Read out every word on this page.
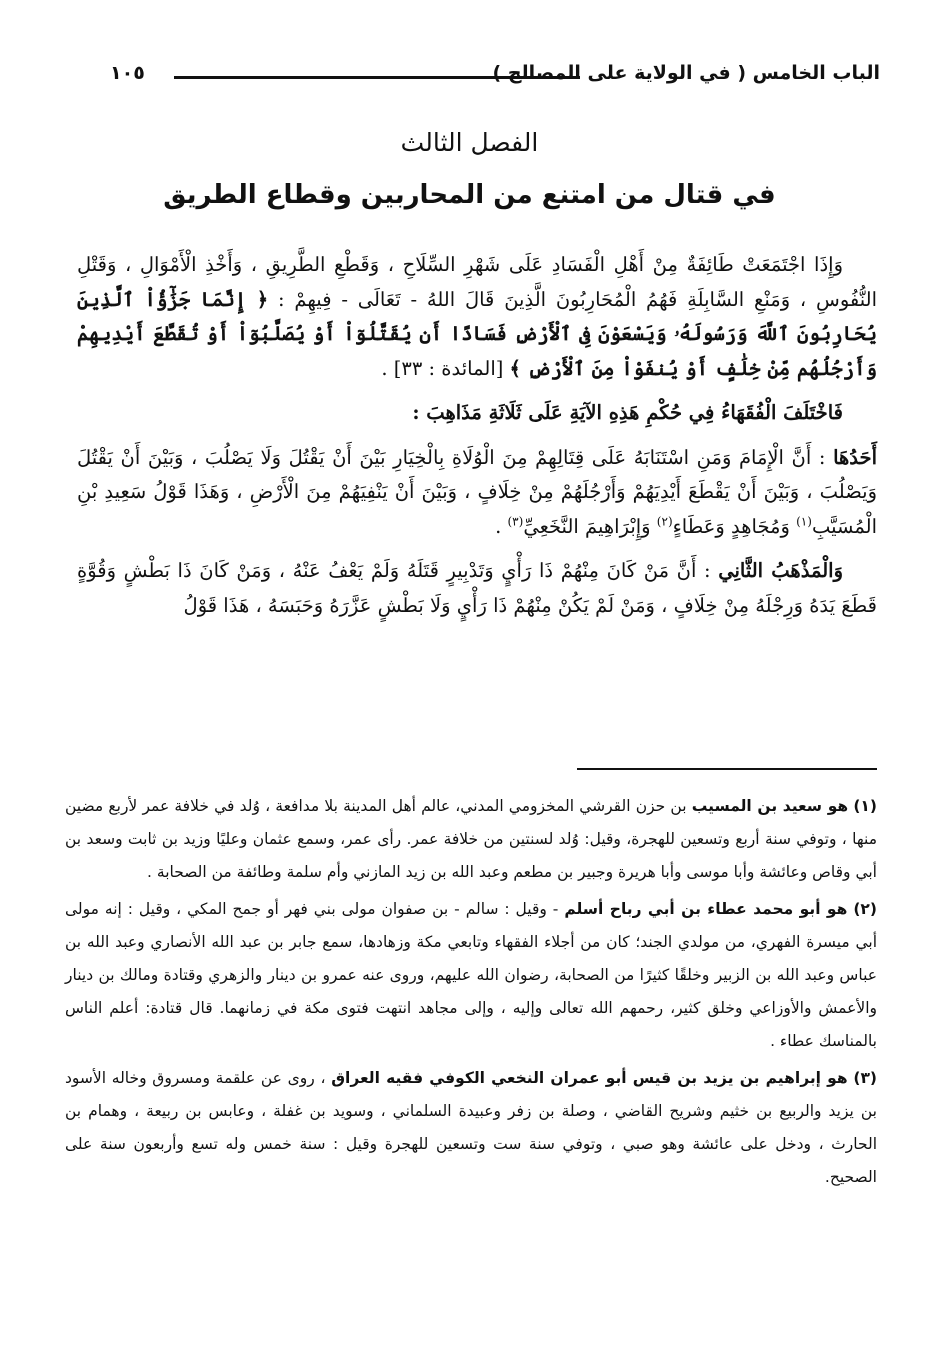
الباب الخامس ( في الولاية على المصالح )
١٠٥
الفصل الثالث
في قتال من امتنع من المحاربين وقطاع الطريق

وَإِذَا اجْتَمَعَتْ طَائِفَةٌ مِنْ أَهْلِ الْفَسَادِ عَلَى شَهْرِ السِّلَاحِ ، وَقَطْعِ الطَّرِيقِ ، وَأَخْذِ الْأَمْوَالِ ، وَقَتْلِ النُّفُوسِ ، وَمَنْعِ السَّابِلَةِ فَهُمُ الْمُحَارِبُونَ الَّذِينَ قَالَ اللهُ - تَعَالَى - فِيهِمْ : ﴿ إِنَّمَا جَزَٰٓؤُاْ ٱلَّذِينَ يُحَارِبُونَ ٱللَّهَ وَرَسُولَهُۥ وَيَسْعَوْنَ فِى ٱلْأَرْضِ فَسَادًا أَن يُقَتَّلُوٓاْ أَوْ يُصَلَّبُوٓاْ أَوْ تُقَطَّعَ أَيْدِيهِمْ وَأَرْجُلُهُم مِّنْ خِلَٰفٍ أَوْ يُنفَوْاْ مِنَ ٱلْأَرْضِ ﴾ [المائدة : ٣٣] .

فَاخْتَلَفَ الْفُقَهَاءُ فِي حُكْمِ هَذِهِ الآيَةِ عَلَى ثَلَاثَةِ مَذَاهِبَ :

أَحَدُهَا : أَنَّ الْإِمَامَ وَمَنِ اسْتَنَابَهُ عَلَى قِتَالِهِمْ مِنَ الْوُلَاةِ بِالْخِيَارِ بَيْنَ أَنْ يَقْتُلَ وَلَا يَصْلُبَ ، وَبَيْنَ أَنْ يَقْتُلَ وَيَصْلُبَ ، وَبَيْنَ أَنْ يَقْطَعَ أَيْدِيَهُمْ وَأَرْجُلَهُمْ مِنْ خِلَافٍ ، وَبَيْنَ أَنْ يَنْفِيَهُمْ مِنَ الْأَرْضِ ، وَهَذَا قَوْلُ سَعِيدِ بْنِ الْمُسَيَّبِ$^{(١)}$ وَمُجَاهِدٍ وَعَطَاءٍ$^{(٢)}$ وَإِبْرَاهِيمَ النَّخَعِيِّ$^{(٣)}$ .

وَالْمَذْهَبُ الثَّانِي : أَنَّ مَنْ كَانَ مِنْهُمْ ذَا رَأْيٍ وَتَدْبِيرٍ قَتَلَهُ وَلَمْ يَعْفُ عَنْهُ ، وَمَنْ كَانَ ذَا بَطْشٍ وَقُوَّةٍ قَطَعَ يَدَهُ وَرِجْلَهُ مِنْ خِلَافٍ ، وَمَنْ لَمْ يَكُنْ مِنْهُمْ ذَا رَأْيٍ وَلَا بَطْشٍ عَزَّرَهُ وَحَبَسَهُ ، هَذَا قَوْلُ

(١) هو سعيد بن المسيب بن حزن القرشي المخزومي المدني، عالم أهل المدينة بلا مدافعة ، وُلد في خلافة عمر لأربع مضين منها ، وتوفي سنة أربع وتسعين للهجرة، وقيل: وُلد لسنتين من خلافة عمر. رأى عمر، وسمع عثمان وعليًا وزيد بن ثابت وسعد بن أبي وقاص وعائشة وأبا موسى وأبا هريرة وجبير بن مطعم وعبد الله بن زيد المازني وأم سلمة وطائفة من الصحابة .

(٢) هو أبو محمد عطاء بن أبي رباح أسلم - وقيل : سالم - بن صفوان مولى بني فهر أو جمح المكي ، وقيل : إنه مولى أبي ميسرة الفهري، من مولدي الجند؛ كان من أجلاء الفقهاء وتابعي مكة وزهادها، سمع جابر بن عبد الله الأنصاري وعبد الله بن عباس وعبد الله بن الزبير وخلقًا كثيرًا من الصحابة، رضوان الله عليهم، وروى عنه عمرو بن دينار والزهري وقتادة ومالك بن دينار والأعمش والأوزاعي وخلق كثير، رحمهم الله تعالى وإليه ، وإلى مجاهد انتهت فتوى مكة في زمانهما. قال قتادة: أعلم الناس بالمناسك عطاء .

(٣) هو إبراهيم بن يزيد بن قيس أبو عمران النخعي الكوفي فقيه العراق ، روى عن علقمة ومسروق وخاله الأسود بن يزيد والربيع بن خثيم وشريح القاضي ، وصلة بن زفر وعبيدة السلماني ، وسويد بن غفلة ، وعابس بن ربيعة ، وهمام بن الحارث ، ودخل على عائشة وهو صبي ، وتوفي سنة ست وتسعين للهجرة وقيل : سنة خمس وله تسع وأربعون سنة على الصحيح.
